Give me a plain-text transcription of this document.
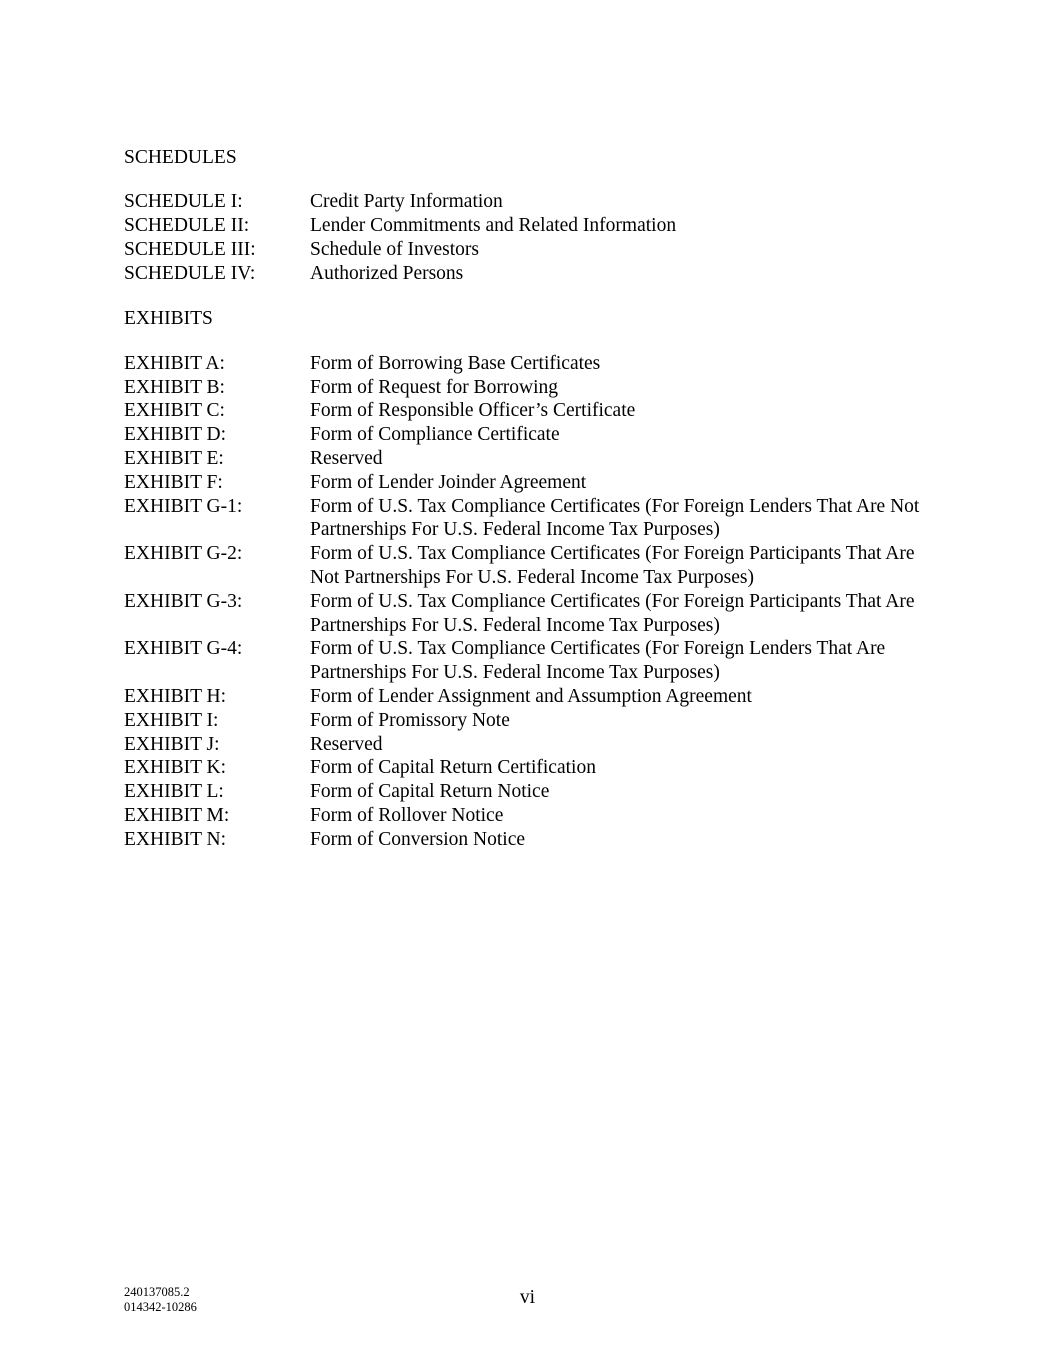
SCHEDULES
SCHEDULE I:	Credit Party Information
SCHEDULE II:	Lender Commitments and Related Information
SCHEDULE III:	Schedule of Investors
SCHEDULE IV:	Authorized Persons
EXHIBITS
EXHIBIT A:	Form of Borrowing Base Certificates
EXHIBIT B:	Form of Request for Borrowing
EXHIBIT C:	Form of Responsible Officer’s Certificate
EXHIBIT D:	Form of Compliance Certificate
EXHIBIT E:	Reserved
EXHIBIT F:	Form of Lender Joinder Agreement
EXHIBIT G-1:	Form of U.S. Tax Compliance Certificates (For Foreign Lenders That Are Not Partnerships For U.S. Federal Income Tax Purposes)
EXHIBIT G-2:	Form of U.S. Tax Compliance Certificates (For Foreign Participants That Are Not Partnerships For U.S. Federal Income Tax Purposes)
EXHIBIT G-3:	Form of U.S. Tax Compliance Certificates (For Foreign Participants That Are Partnerships For U.S. Federal Income Tax Purposes)
EXHIBIT G-4:	Form of U.S. Tax Compliance Certificates (For Foreign Lenders That Are Partnerships For U.S. Federal Income Tax Purposes)
EXHIBIT H:	Form of Lender Assignment and Assumption Agreement
EXHIBIT I:	Form of Promissory Note
EXHIBIT J:	Reserved
EXHIBIT K:	Form of Capital Return Certification
EXHIBIT L:	Form of Capital Return Notice
EXHIBIT M:	Form of Rollover Notice
EXHIBIT N:	Form of Conversion Notice
240137085.2
014342-10286	vi
